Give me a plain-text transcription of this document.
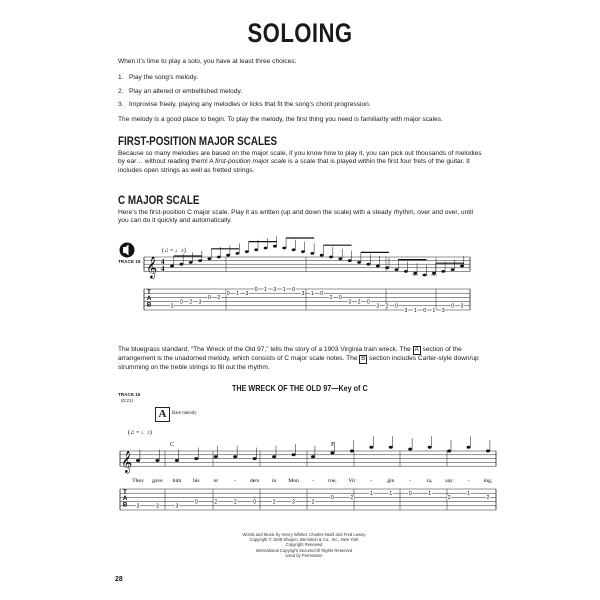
SOLOING
When it’s time to play a solo, you have at least three choices:
1. Play the song’s melody.
2. Play an altered or embellished melody.
3. Improvise freely, playing any melodies or licks that fit the song’s chord progression.
The melody is a good place to begin. To play the melody, the first thing you need is familiarity with major scales.
FIRST-POSITION MAJOR SCALES
Because so many melodies are based on the major scale, if you know how to play it, you can pick out thousands of melodies
by ear… without reading them! A first-position major scale is a scale that is played within the first four frets of the guitar. It
includes open strings as well as fretted strings.
C MAJOR SCALE
Here’s the first-position C major scale. Play it as written (up and down the scale) with a steady rhythm, over and over, until
you can do it quickly and automatically.
TRACK 15
The bluegrass standard, “The Wreck of the Old 97,” tells the story of a 1903 Virginia train wreck. The A section of the
arrangement is the unadorned melody, which consists of C major scale notes. The B section includes Carter-style down/up
strumming on the treble strings to fill out the rhythm.
THE WRECK OF THE OLD 97—Key of C
TRACK 16
(0:21)
A	Bare melody
(♫ = ♩♪)
𝄞 4
4
T
A
B	3
0 2 3
0 2
0 1 3
0 1 3 1 0
3 1 0
2 0
3 2 0
3 2 0
3 1 0 1 3
0 3
(♫ = ♩♪)
𝄞
C	F
They gave him his or	- ders in Mon -	roe, Vir	-	gin	-	ia, say	-	ing,
T
A
B 3	3	3
0	2	2	0	2	3	2
0	2
1	1	0	1
2
1
2
Words and Music by Henry Whitter, Charles Noell and Fred Lewey
Copyright © 1939 Shapiro, Bernstein & Co., Inc., New York
Copyright Renewed
International Copyright Secured All Rights Reserved
Used by Permission
28
